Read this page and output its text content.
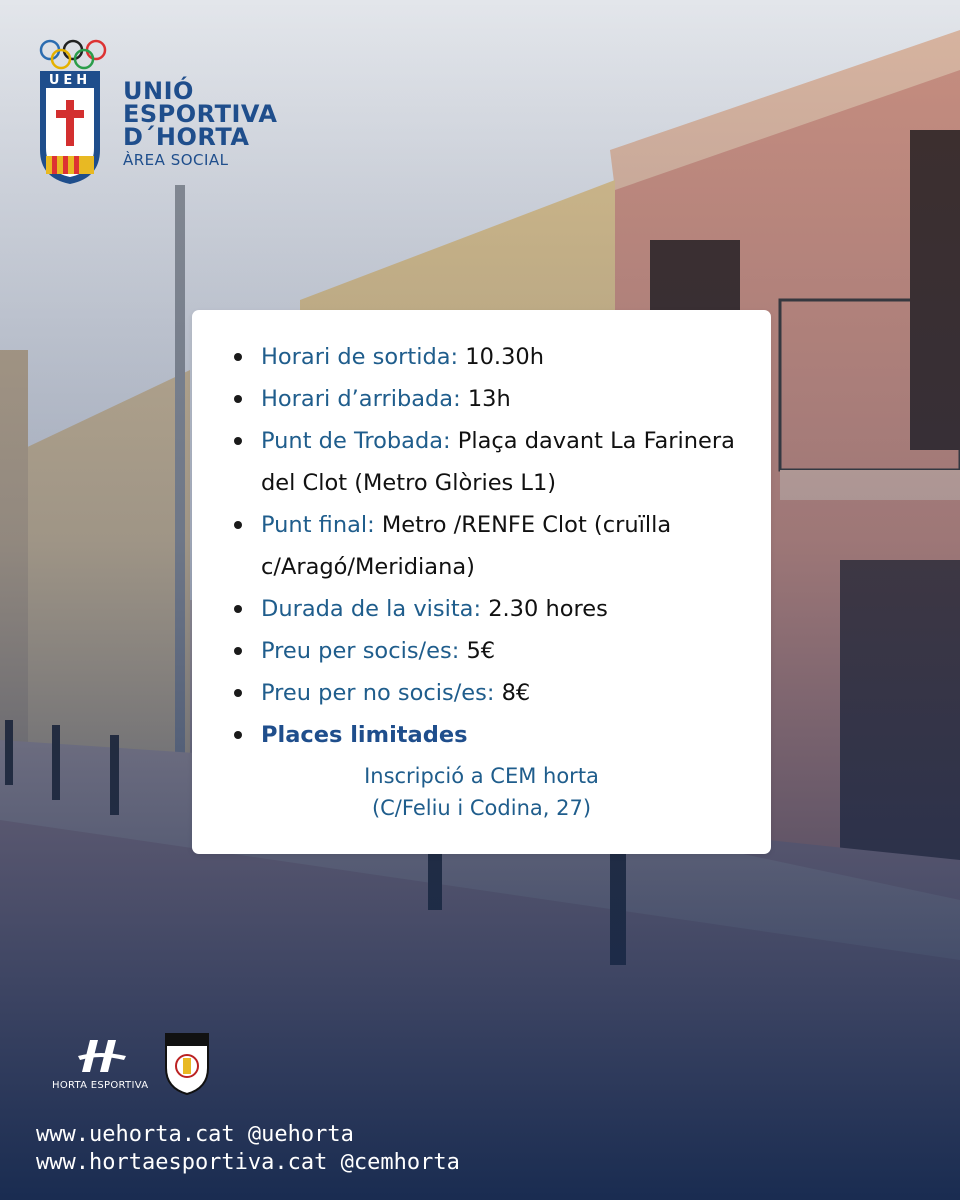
UEH UNIÓ
ESPORTIVA
D´HORTA
ÀREA SOCIAL
Horari de sortida: 10.30h
Horari d’arribada: 13h
Punt de Trobada: Plaça davant La Farinera del Clot (Metro Glòries L1)
Punt final: Metro /RENFE Clot (cruïlla c/Aragó/Meridiana)
Durada de la visita: 2.30 hores
Preu per socis/es: 5€
Preu per no socis/es: 8€
Places limitades
Inscripció a CEM horta
(C/Feliu i Codina, 27)
HORTA ESPORTIVA
www.uehorta.cat @uehorta
www.hortaesportiva.cat @cemhorta
